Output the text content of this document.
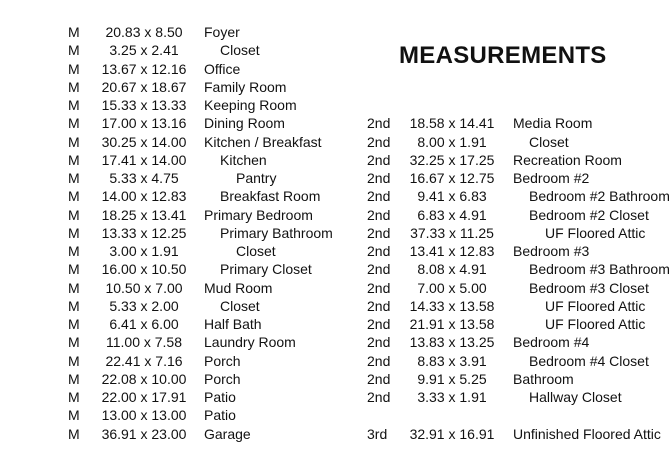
MEASUREMENTS
M	20.83 x 8.50	Foyer
M	3.25 x 2.41	Closet
M	13.67 x 12.16	Office
M	20.67 x 18.67	Family Room
M	15.33 x 13.33	Keeping Room
M	17.00 x 13.16	Dining Room
M	30.25 x 14.00	Kitchen / Breakfast
M	17.41 x 14.00	Kitchen
M	5.33 x 4.75	Pantry
M	14.00 x 12.83	Breakfast Room
M	18.25 x 13.41	Primary Bedroom
M	13.33 x 12.25	Primary Bathroom
M	3.00 x 1.91	Closet
M	16.00 x 10.50	Primary Closet
M	10.50 x 7.00	Mud Room
M	5.33 x 2.00	Closet
M	6.41 x 6.00	Half Bath
M	11.00 x 7.58	Laundry Room
M	22.41 x 7.16	Porch
M	22.08 x 10.00	Porch
M	22.00 x 17.91	Patio
M	13.00 x 13.00	Patio
M	36.91 x 23.00	Garage
2nd	18.58 x 14.41	Media Room
2nd	8.00 x 1.91	Closet
2nd	32.25 x 17.25	Recreation Room
2nd	16.67 x 12.75	Bedroom #2
2nd	9.41 x 6.83	Bedroom #2 Bathroom
2nd	6.83 x 4.91	Bedroom #2 Closet
2nd	37.33 x 11.25	UF Floored Attic
2nd	13.41 x 12.83	Bedroom #3
2nd	8.08 x 4.91	Bedroom #3 Bathroom
2nd	7.00 x 5.00	Bedroom #3 Closet
2nd	14.33 x 13.58	UF Floored Attic
2nd	21.91 x 13.58	UF Floored Attic
2nd	13.83 x 13.25	Bedroom #4
2nd	8.83 x 3.91	Bedroom #4 Closet
2nd	9.91 x 5.25	Bathroom
2nd	3.33 x 1.91	Hallway Closet
3rd	32.91 x 16.91	Unfinished Floored Attic
